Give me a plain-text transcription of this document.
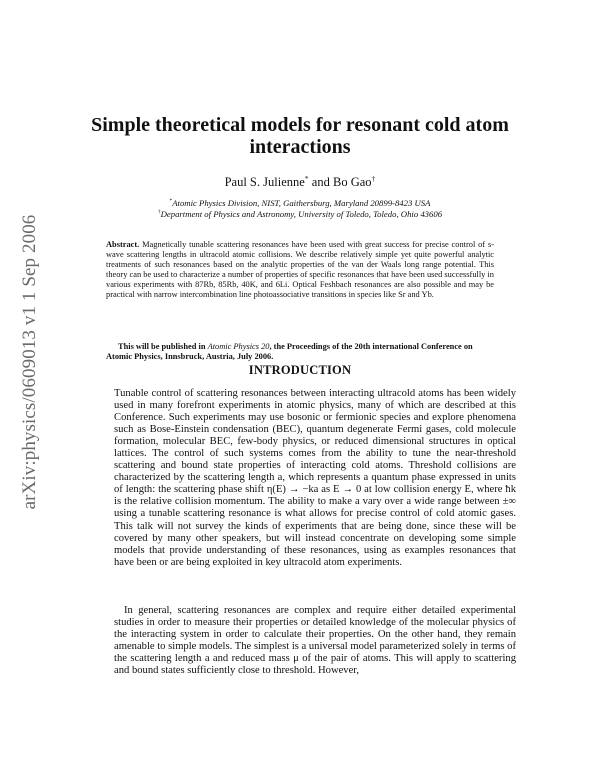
arXiv:physics/0609013 v1 1 Sep 2006
Simple theoretical models for resonant cold atom interactions
Paul S. Julienne* and Bo Gao†
*Atomic Physics Division, NIST, Gaithersburg, Maryland 20899-8423 USA
†Department of Physics and Astronomy, University of Toledo, Toledo, Ohio 43606

Abstract. Magnetically tunable scattering resonances have been used with great success for precise control of s-wave scattering lengths in ultracold atomic collisions. We describe relatively simple yet quite powerful analytic treatments of such resonances based on the analytic properties of the van der Waals long range potential. This theory can be used to characterize a number of properties of specific resonances that have been used successfully in various experiments with 87Rb, 85Rb, 40K, and 6Li. Optical Feshbach resonances are also possible and may be practical with narrow intercombination line photoassociative transitions in species like Sr and Yb.

This will be published in Atomic Physics 20, the Proceedings of the 20th international Conference on Atomic Physics, Innsbruck, Austria, July 2006.

INTRODUCTION

Tunable control of scattering resonances between interacting ultracold atoms has been widely used in many forefront experiments in atomic physics, many of which are described at this Conference. Such experiments may use bosonic or fermionic species and explore phenomena such as Bose-Einstein condensation (BEC), quantum degenerate Fermi gases, cold molecule formation, molecular BEC, few-body physics, or reduced dimensional structures in optical lattices. The control of such systems comes from the ability to tune the near-threshold scattering and bound state properties of interacting cold atoms. Threshold collisions are characterized by the scattering length a, which represents a quantum phase expressed in units of length: the scattering phase shift η(E) → −ka as E → 0 at low collision energy E, where ħk is the relative collision momentum. The ability to make a vary over a wide range between ±∞ using a tunable scattering resonance is what allows for precise control of cold atomic gases. This talk will not survey the kinds of experiments that are being done, since these will be covered by many other speakers, but will instead concentrate on developing some simple models that provide understanding of these resonances, using as examples resonances that have been or are being exploited in key ultracold atom experiments.

In general, scattering resonances are complex and require either detailed experimental studies in order to measure their properties or detailed knowledge of the molecular physics of the interacting system in order to calculate their properties. On the other hand, they remain amenable to simple models. The simplest is a universal model parameterized solely in terms of the scattering length a and reduced mass μ of the pair of atoms. This will apply to scattering and bound states sufficiently close to threshold. However,
